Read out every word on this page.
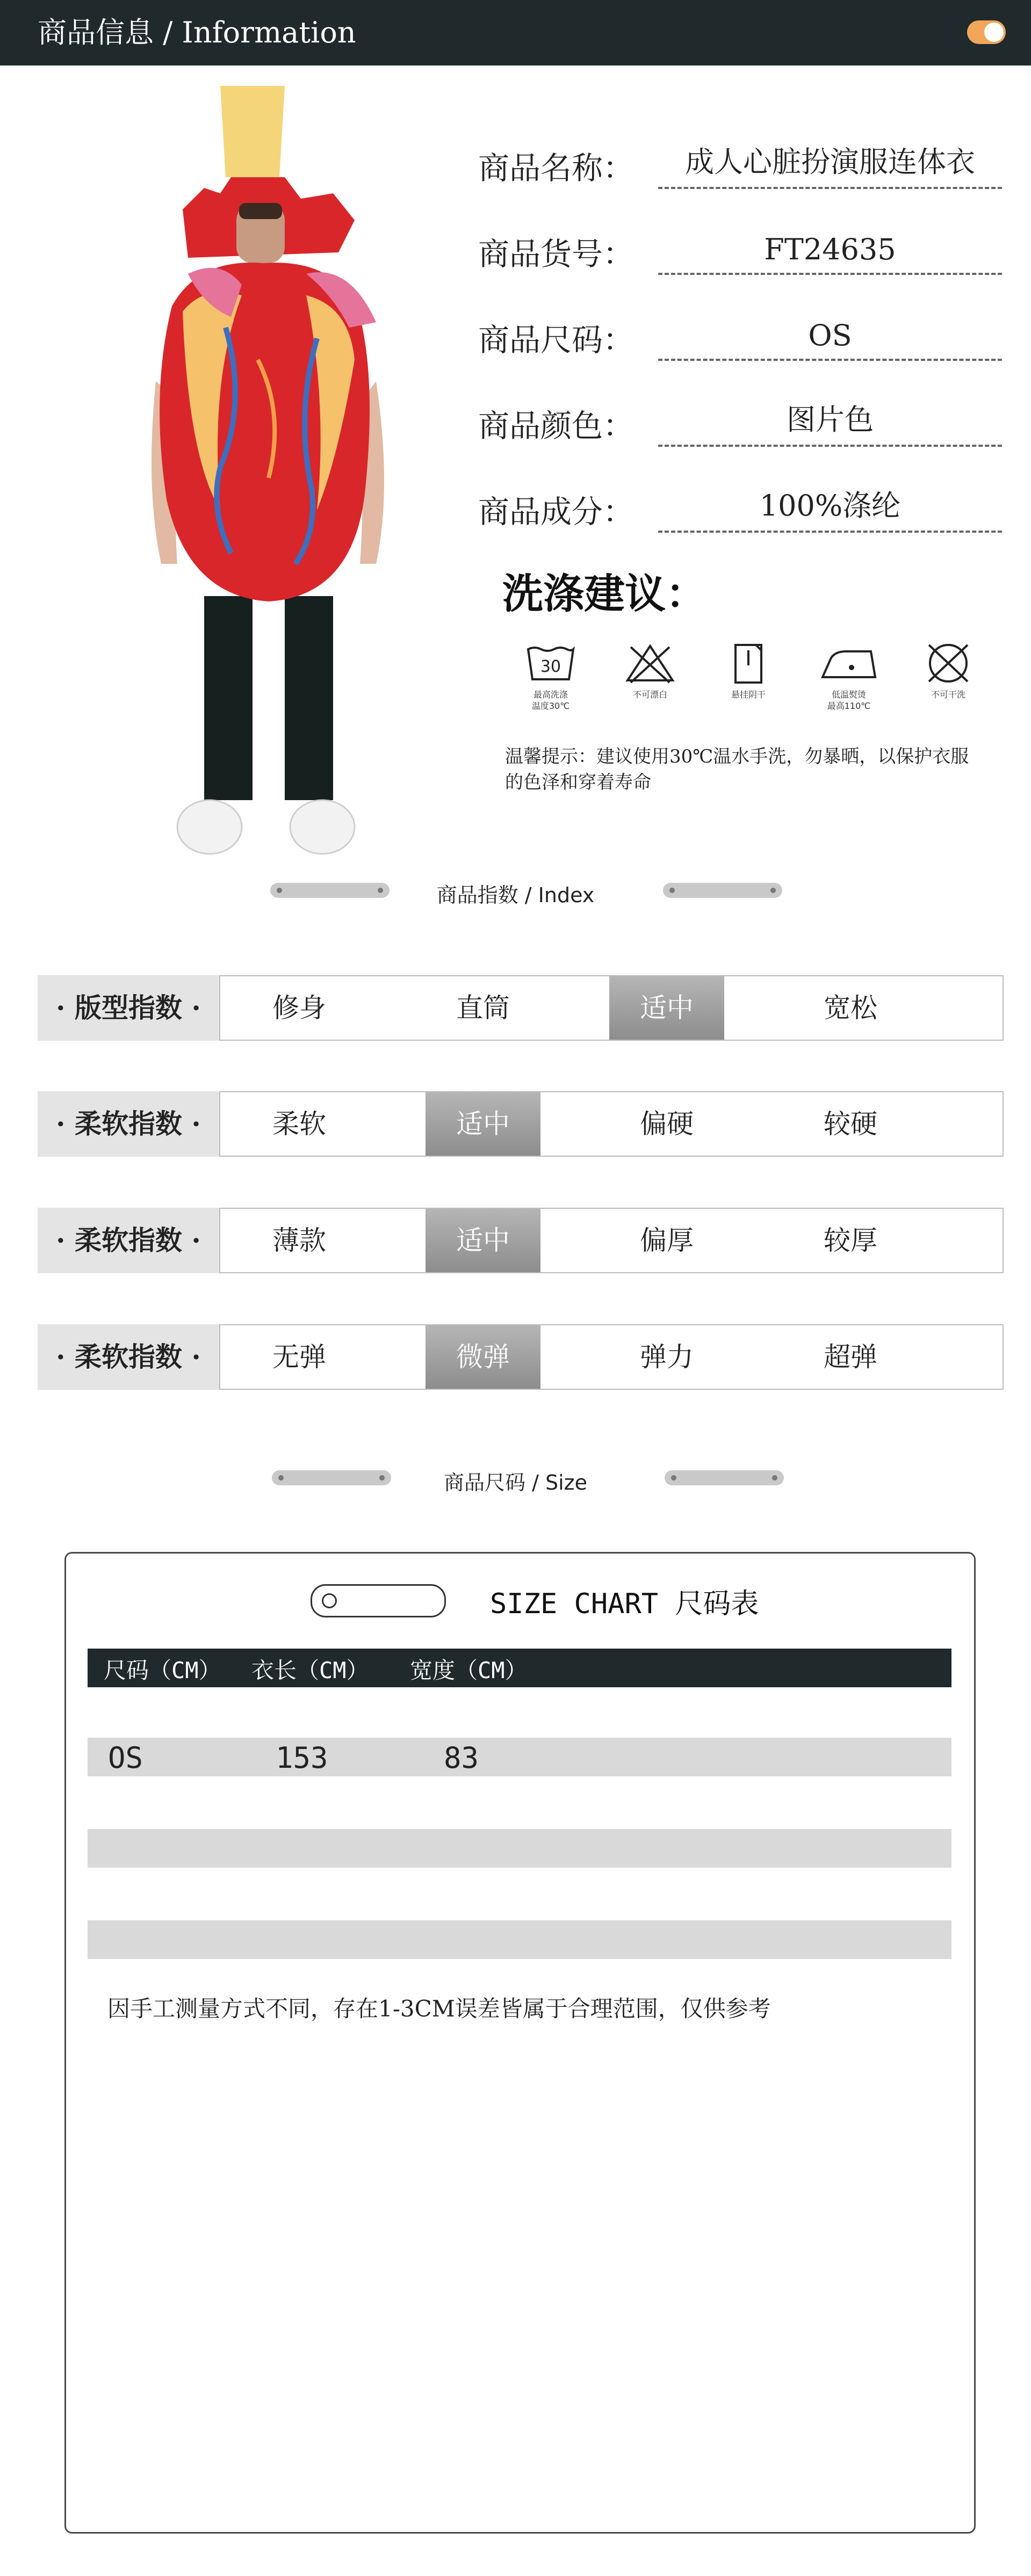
商品信息 / Information
商品名称：	成人心脏扮演服连体衣
商品货号：	FT24635
商品尺码：	OS
商品颜色：	图片色
商品成分：	100%涤纶
洗涤建议：
30
最高洗涤
温度30℃
不可漂白	悬挂阴干	低温熨烫
最高110℃
不可干洗
温馨提示：建议使用30℃温水手洗，勿暴晒，以保护衣服的色泽和穿着寿命
商品指数 / Index
· 版型指数 ·	修身	直筒	适中	宽松
· 柔软指数 ·	柔软	适中	偏硬	较硬
· 柔软指数 ·	薄款	适中	偏厚	较厚
· 柔软指数 ·	无弹	微弹	弹力	超弹
商品尺码 / Size
SIZE CHART 尺码表
尺码（CM） 衣长（CM） 宽度（CM）
OS	153	83
因手工测量方式不同，存在1-3CM误差皆属于合理范围，仅供参考
